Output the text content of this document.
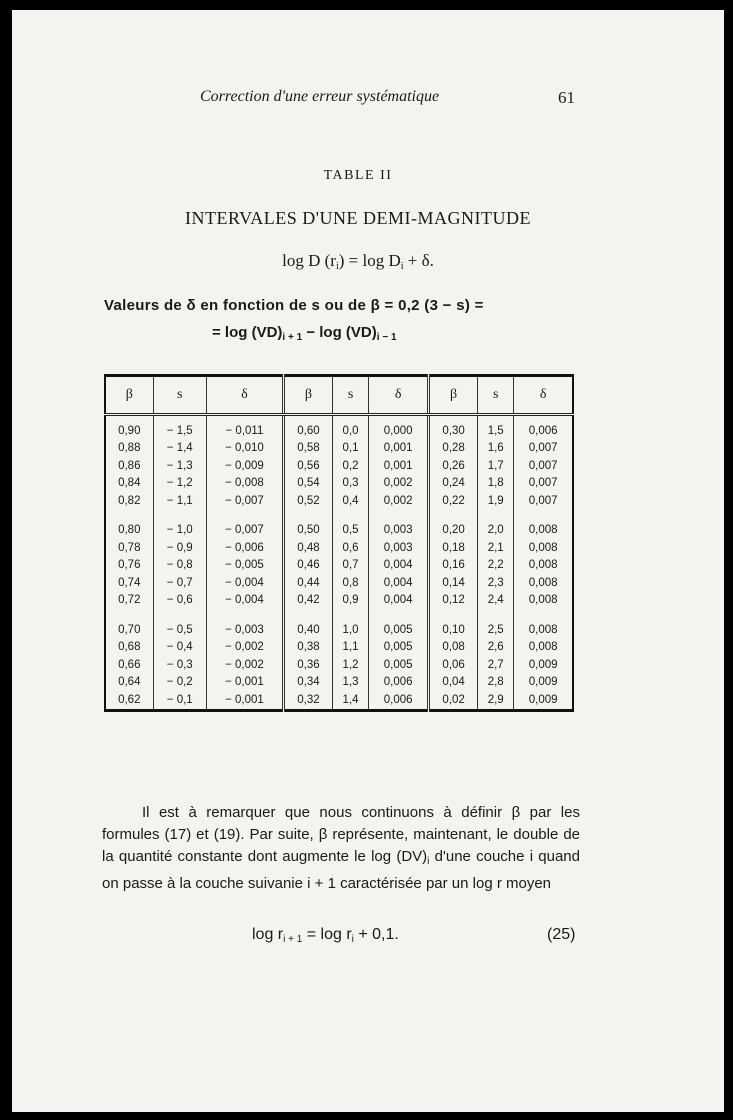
Correction d'une erreur systématique	61
TABLE II
INTERVALES D'UNE DEMI-MAGNITUDE
log D $(r_i) = \log D_i + \delta$.
Valeurs de δ en fonction de s ou de β = 0,2 (3 − s) =
= $\log (VD)_{i + 1} - \log (VD)_{i - 1}$
β	s	δ	β	s	δ	β	s	δ
0,90	− 1,5	− 0,011	0,60	0,0	0,000	0,30	1,5	0,006
0,88	− 1,4	− 0,010	0,58	0,1	0,001	0,28	1,6	0,007
0,86	− 1,3	− 0,009	0,56	0,2	0,001	0,26	1,7	0,007
0,84	− 1,2	− 0,008	0,54	0,3	0,002	0,24	1,8	0,007
0,82	− 1,1	− 0,007	0,52	0,4	0,002	0,22	1,9	0,007

0,80	− 1,0	− 0,007	0,50	0,5	0,003	0,20	2,0	0,008
0,78	− 0,9	− 0,006	0,48	0,6	0,003	0,18	2,1	0,008
0,76	− 0,8	− 0,005	0,46	0,7	0,004	0,16	2,2	0,008
0,74	− 0,7	− 0,004	0,44	0,8	0,004	0,14	2,3	0,008
0,72	− 0,6	− 0,004	0,42	0,9	0,004	0,12	2,4	0,008

0,70	− 0,5	− 0,003	0,40	1,0	0,005	0,10	2,5	0,008
0,68	− 0,4	− 0,002	0,38	1,1	0,005	0,08	2,6	0,008
0,66	− 0,3	− 0,002	0,36	1,2	0,005	0,06	2,7	0,009
0,64	− 0,2	− 0,001	0,34	1,3	0,006	0,04	2,8	0,009
0,62	− 0,1	− 0,001	0,32	1,4	0,006	0,02	2,9	0,009

Il est à remarquer que nous continuons à définir β par les formules (17) et (19). Par suite, β représente, maintenant, le double de la quantité constante dont augmente le $\log (DV)_i$ d'une couche i quand on passe à la couche suivanie i + 1 caractérisée par un log r moyen

$\log r_{i + 1} = \log r_i + 0,1$.	(25)
